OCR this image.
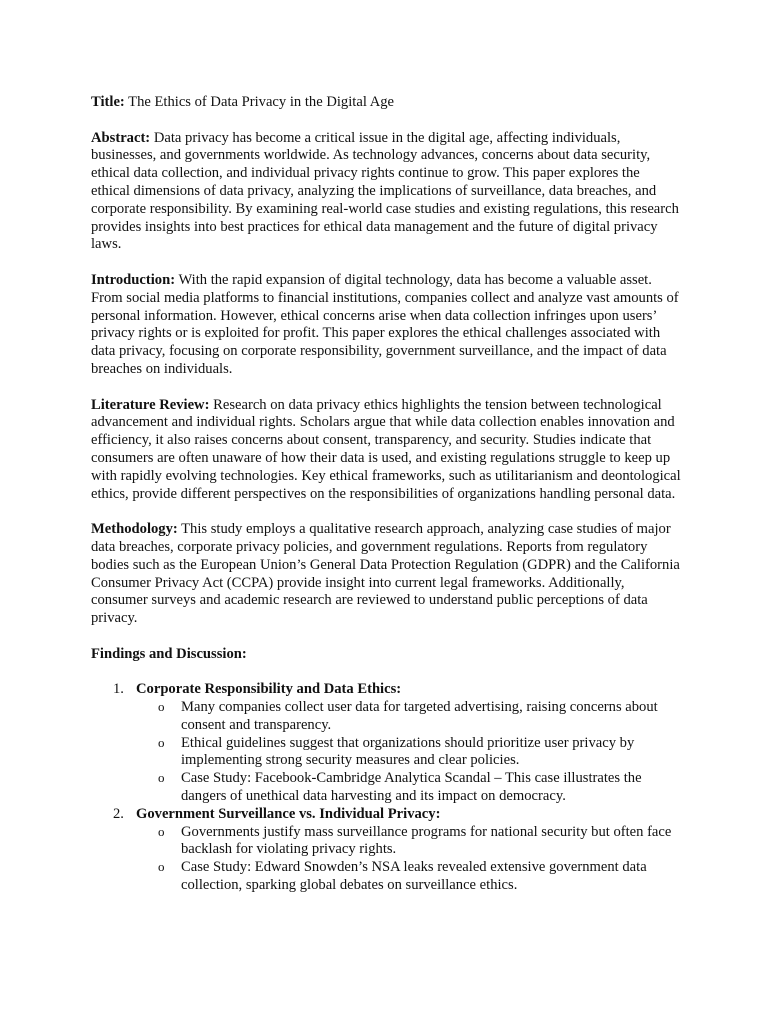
Title: The Ethics of Data Privacy in the Digital Age

Abstract: Data privacy has become a critical issue in the digital age, affecting individuals, businesses, and governments worldwide. As technology advances, concerns about data security, ethical data collection, and individual privacy rights continue to grow. This paper explores the ethical dimensions of data privacy, analyzing the implications of surveillance, data breaches, and corporate responsibility. By examining real-world case studies and existing regulations, this research provides insights into best practices for ethical data management and the future of digital privacy laws.

Introduction: With the rapid expansion of digital technology, data has become a valuable asset. From social media platforms to financial institutions, companies collect and analyze vast amounts of personal information. However, ethical concerns arise when data collection infringes upon users’ privacy rights or is exploited for profit. This paper explores the ethical challenges associated with data privacy, focusing on corporate responsibility, government surveillance, and the impact of data breaches on individuals.

Literature Review: Research on data privacy ethics highlights the tension between technological advancement and individual rights. Scholars argue that while data collection enables innovation and efficiency, it also raises concerns about consent, transparency, and security. Studies indicate that consumers are often unaware of how their data is used, and existing regulations struggle to keep up with rapidly evolving technologies. Key ethical frameworks, such as utilitarianism and deontological ethics, provide different perspectives on the responsibilities of organizations handling personal data.

Methodology: This study employs a qualitative research approach, analyzing case studies of major data breaches, corporate privacy policies, and government regulations. Reports from regulatory bodies such as the European Union’s General Data Protection Regulation (GDPR) and the California Consumer Privacy Act (CCPA) provide insight into current legal frameworks. Additionally, consumer surveys and academic research are reviewed to understand public perceptions of data privacy.

Findings and Discussion:

1. Corporate Responsibility and Data Ethics:
o Many companies collect user data for targeted advertising, raising concerns about consent and transparency.
o Ethical guidelines suggest that organizations should prioritize user privacy by implementing strong security measures and clear policies.
o Case Study: Facebook-Cambridge Analytica Scandal – This case illustrates the dangers of unethical data harvesting and its impact on democracy.
2. Government Surveillance vs. Individual Privacy:
o Governments justify mass surveillance programs for national security but often face backlash for violating privacy rights.
o Case Study: Edward Snowden’s NSA leaks revealed extensive government data collection, sparking global debates on surveillance ethics.
